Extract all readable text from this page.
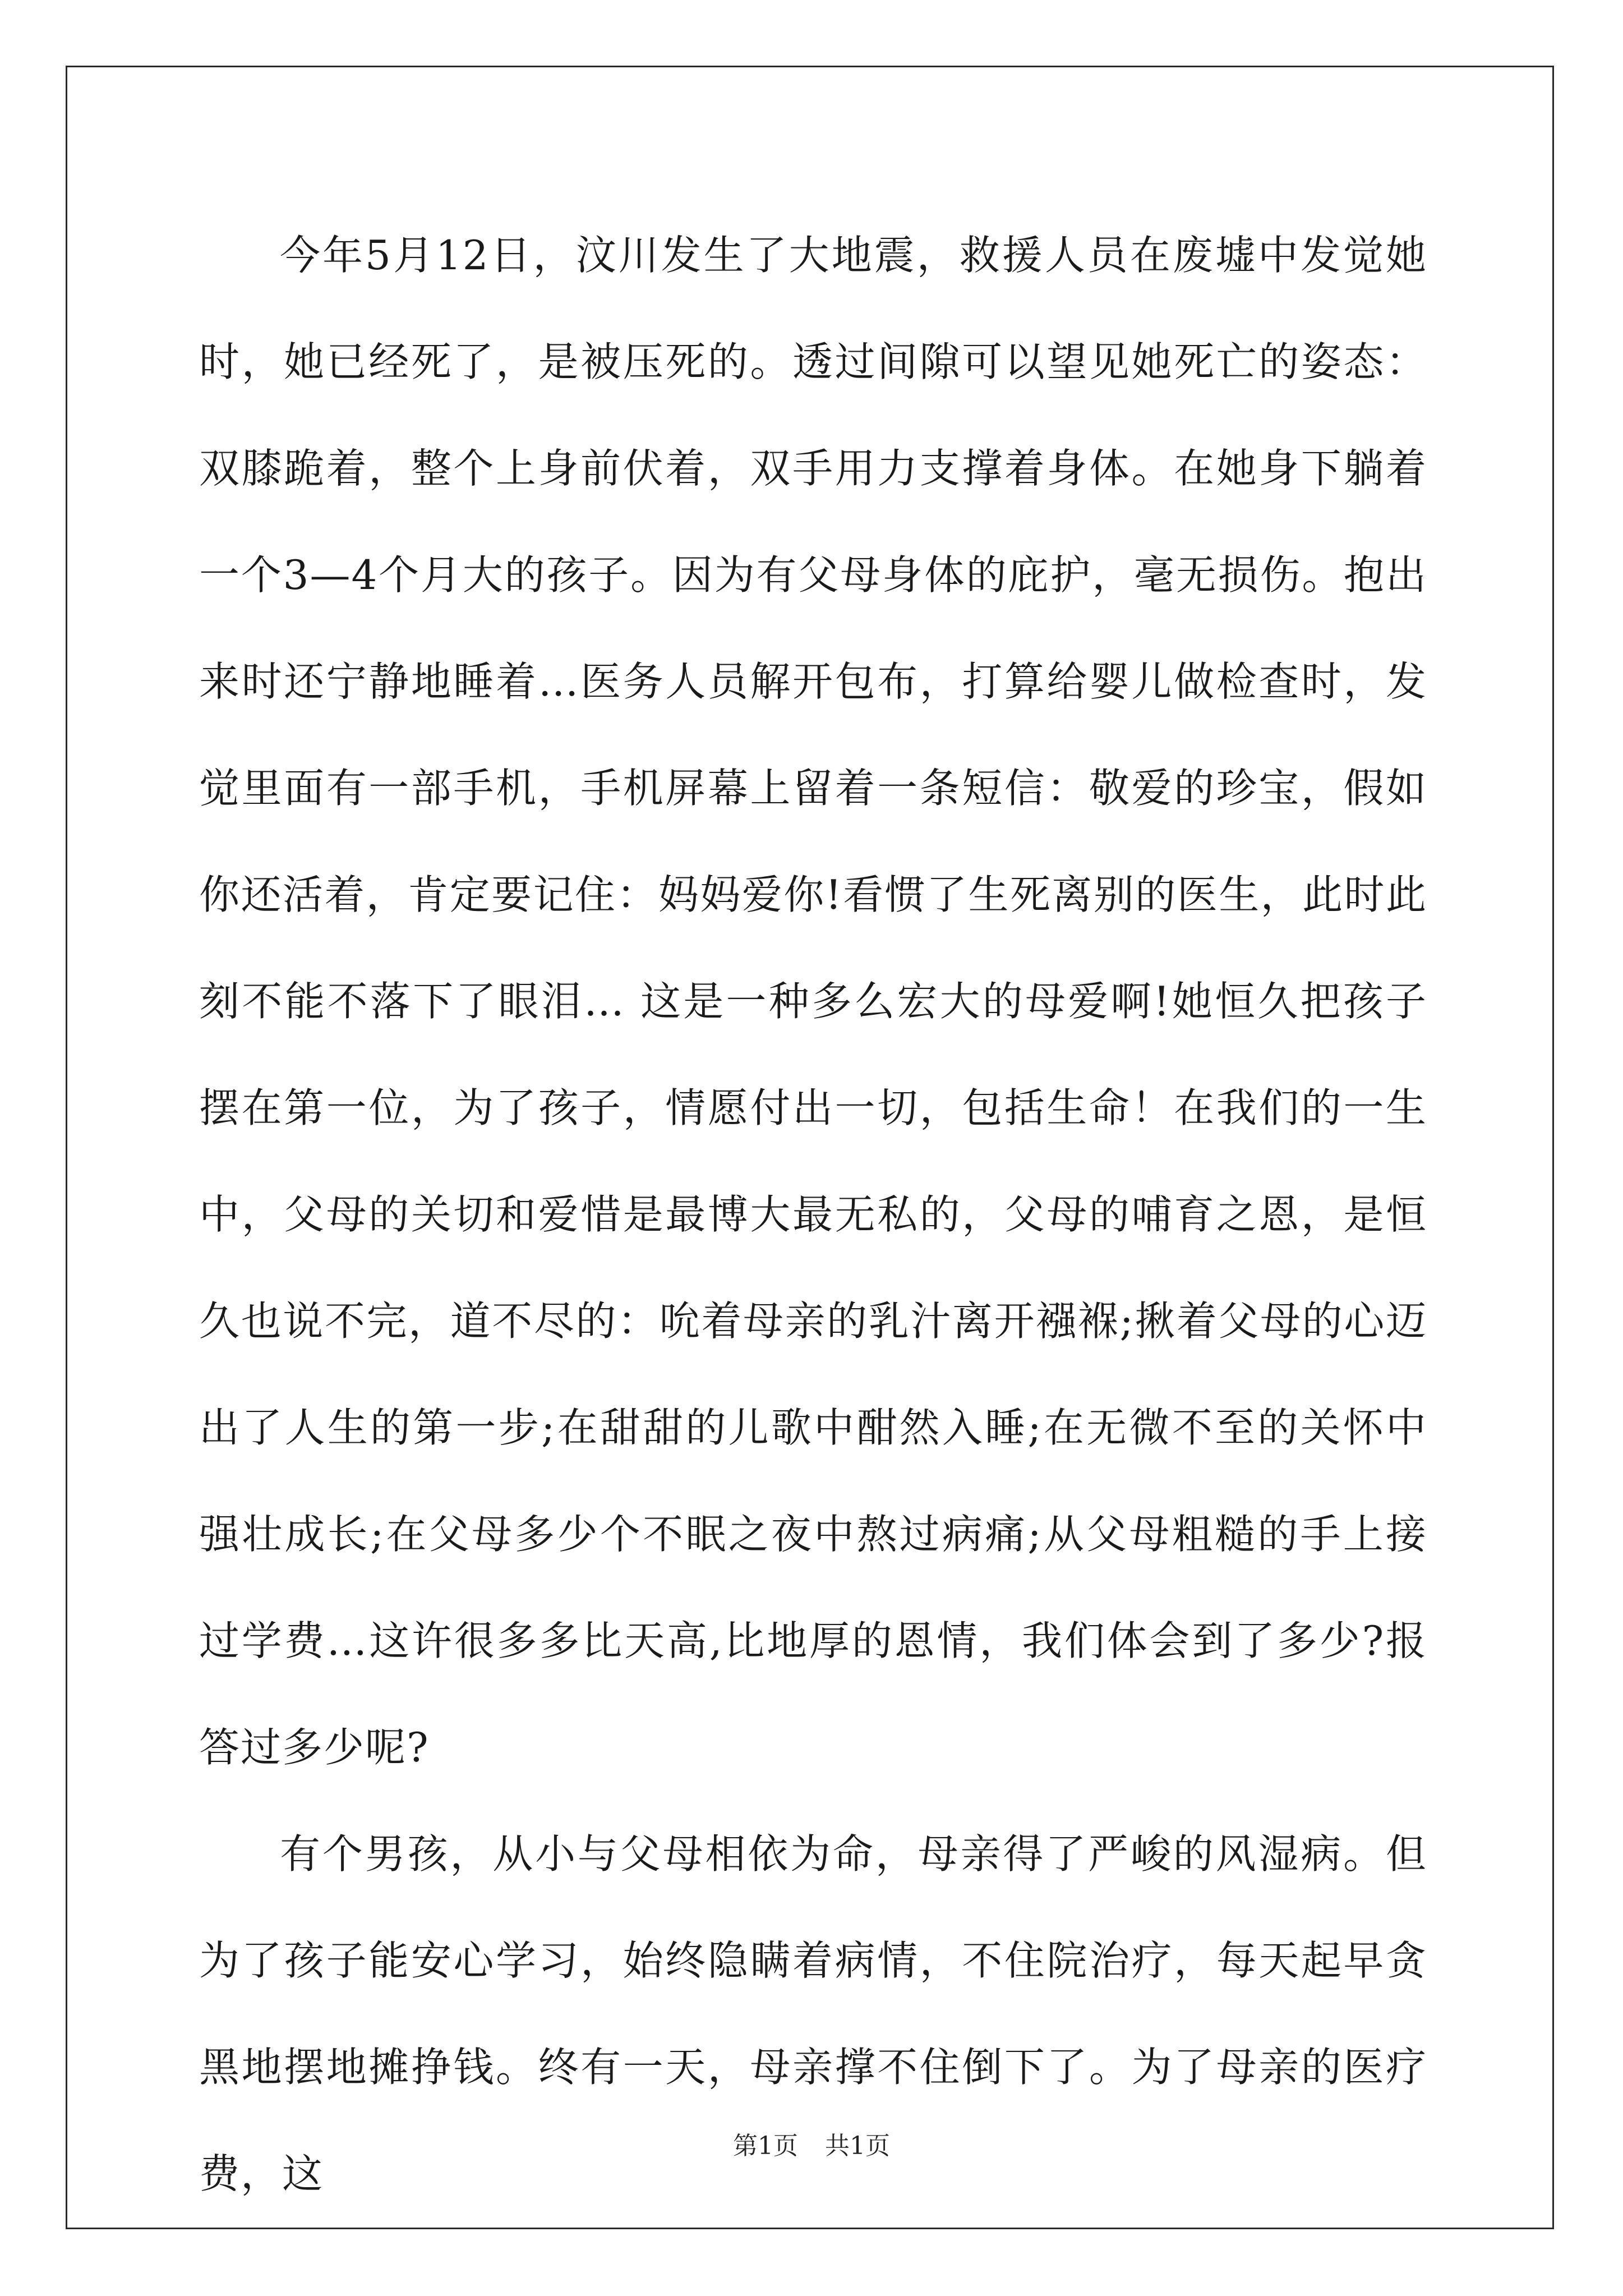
今年5月12日，汶川发生了大地震，救援人员在废墟中发觉她时，她已经死了，是被压死的。透过间隙可以望见她死亡的姿态：双膝跪着，整个上身前伏着，双手用力支撑着身体。在她身下躺着一个3—4个月大的孩子。因为有父母身体的庇护，毫无损伤。抱出来时还宁静地睡着…医务人员解开包布，打算给婴儿做检查时，发觉里面有一部手机，手机屏幕上留着一条短信：敬爱的珍宝，假如你还活着，肯定要记住：妈妈爱你!看惯了生死离别的医生，此时此刻不能不落下了眼泪… 这是一种多么宏大的母爱啊!她恒久把孩子摆在第一位，为了孩子，情愿付出一切，包括生命！在我们的一生中，父母的关切和爱惜是最博大最无私的，父母的哺育之恩，是恒久也说不完，道不尽的：吮着母亲的乳汁离开襁褓;揪着父母的心迈出了人生的第一步;在甜甜的儿歌中酣然入睡;在无微不至的关怀中强壮成长;在父母多少个不眠之夜中熬过病痛;从父母粗糙的手上接过学费…这许很多多比天高,比地厚的恩情，我们体会到了多少?报答过多少呢?

有个男孩，从小与父母相依为命，母亲得了严峻的风湿病。但为了孩子能安心学习，始终隐瞒着病情，不住院治疗，每天起早贪黑地摆地摊挣钱。终有一天，母亲撑不住倒下了。为了母亲的医疗费，这

第1页 共1页
